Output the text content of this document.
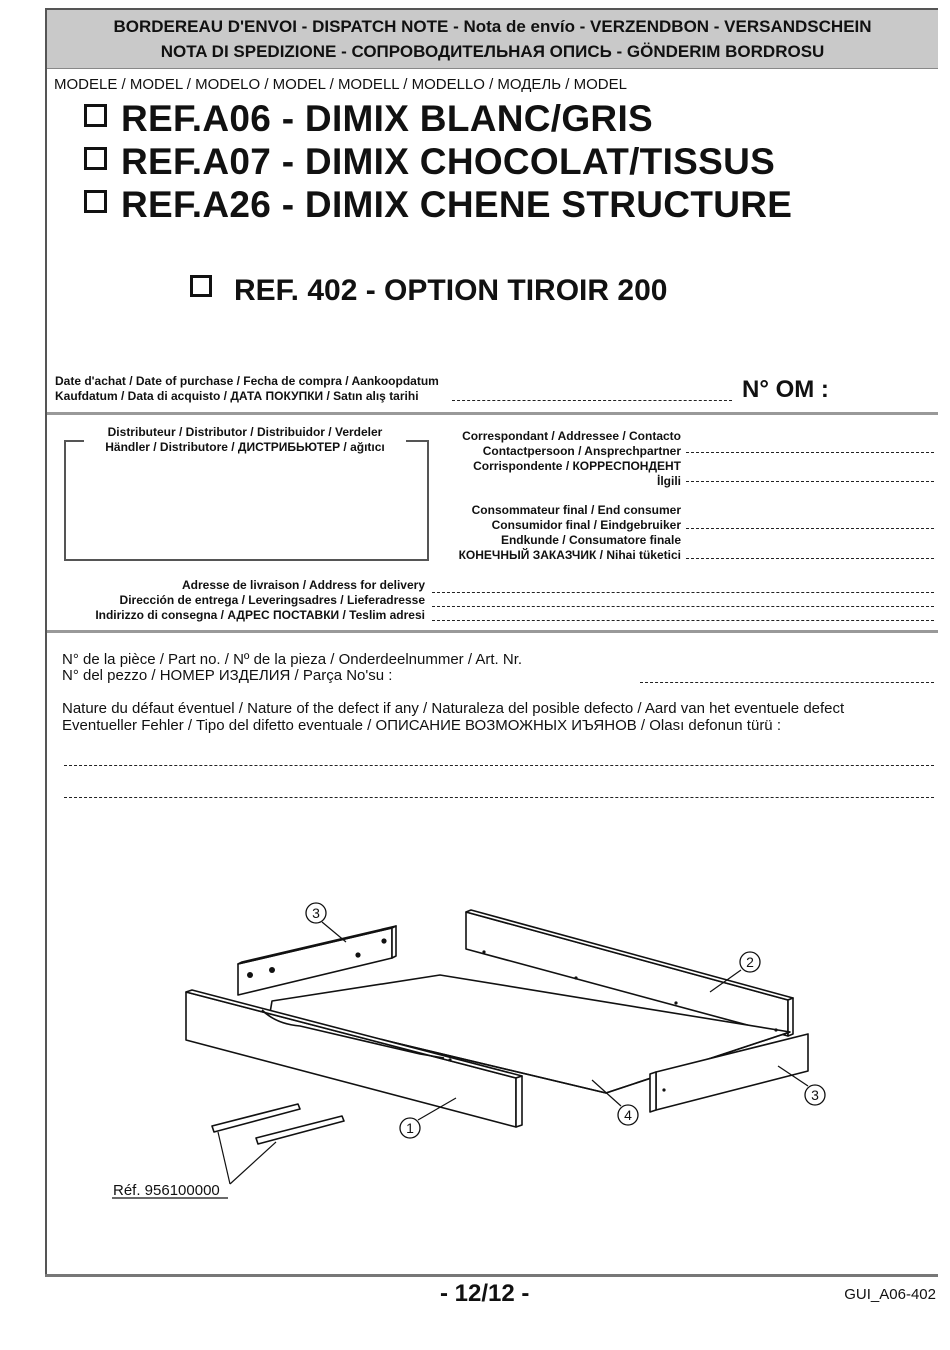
BORDEREAU D'ENVOI - DISPATCH NOTE - Nota de envío - VERZENDBON - VERSANDSCHEIN
NOTA DI SPEDIZIONE - СОПРОВОДИТЕЛЬНАЯ ОПИСЬ - GÖNDERIM BORDROSU
MODELE / MODEL / MODELO / MODEL / MODELL / MODELLO / МОДЕЛЬ / MODEL
REF.A06 - DIMIX BLANC/GRIS
REF.A07 - DIMIX CHOCOLAT/TISSUS
REF.A26 - DIMIX CHENE STRUCTURE
REF. 402 - OPTION TIROIR 200
Date d'achat / Date of purchase / Fecha de compra / Aankoopdatum
Kaufdatum / Data di acquisto / ДАТА ПОКУПКИ / Satın alış tarihi	N° OM :
Distributeur / Distributor / Distribuidor / Verdeler
Händler / Distributore / ДИСТРИБЬЮТЕР / ağıtıcı
Correspondant / Addressee / Contacto
Contactpersoon / Ansprechpartner
Corrispondente / КОРРЕСПОНДЕНТ
İlgili
Consommateur final / End consumer
Consumidor final / Eindgebruiker
Endkunde / Consumatore finale
КОНЕЧНЫЙ ЗАКАЗЧИК / Nihai tüketici
Adresse de livraison / Address for delivery
Dirección de entrega / Leveringsadres / Lieferadresse
Indirizzo di consegna / АДРЕС ПОСТАВКИ / Teslim adresi
N° de la pièce / Part no. / Nº de la pieza / Onderdeelnummer / Art. Nr.
N° del pezzo / НОМЕР ИЗДЕЛИЯ / Parça No'su :
Nature du défaut éventuel / Nature of the defect if any / Naturaleza del posible defecto / Aard van het eventuele defect
Eventueller Fehler / Tipo del difetto eventuale / ОПИСАНИЕ ВОЗМОЖНЫХ ИЪЯНОВ / Olası defonun türü :
1
2
3
3
4
Réf. 956100000
- 12/12 -	GUI_A06-402
